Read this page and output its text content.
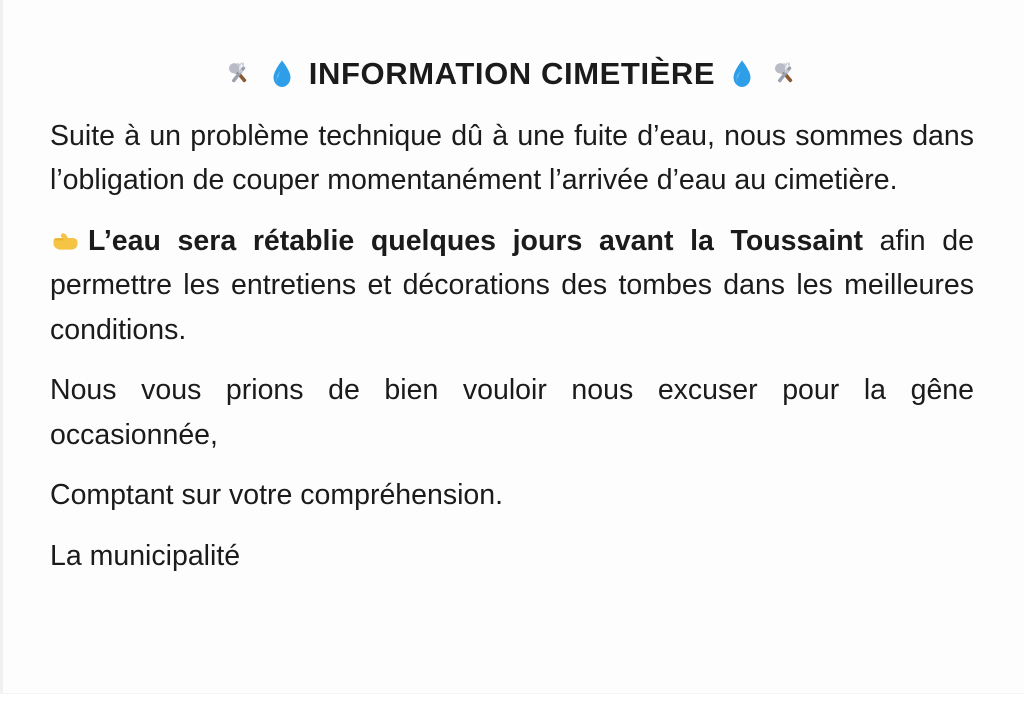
INFORMATION CIMETIÈRE

Suite à un problème technique dû à une fuite d’eau, nous sommes dans l’obligation de couper momentanément l’arrivée d’eau au cimetière.

L’eau sera rétablie quelques jours avant la Toussaint afin de permettre les entretiens et décorations des tombes dans les meilleures conditions.

Nous vous prions de bien vouloir nous excuser pour la gêne occasionnée,

Comptant sur votre compréhension.

La municipalité
